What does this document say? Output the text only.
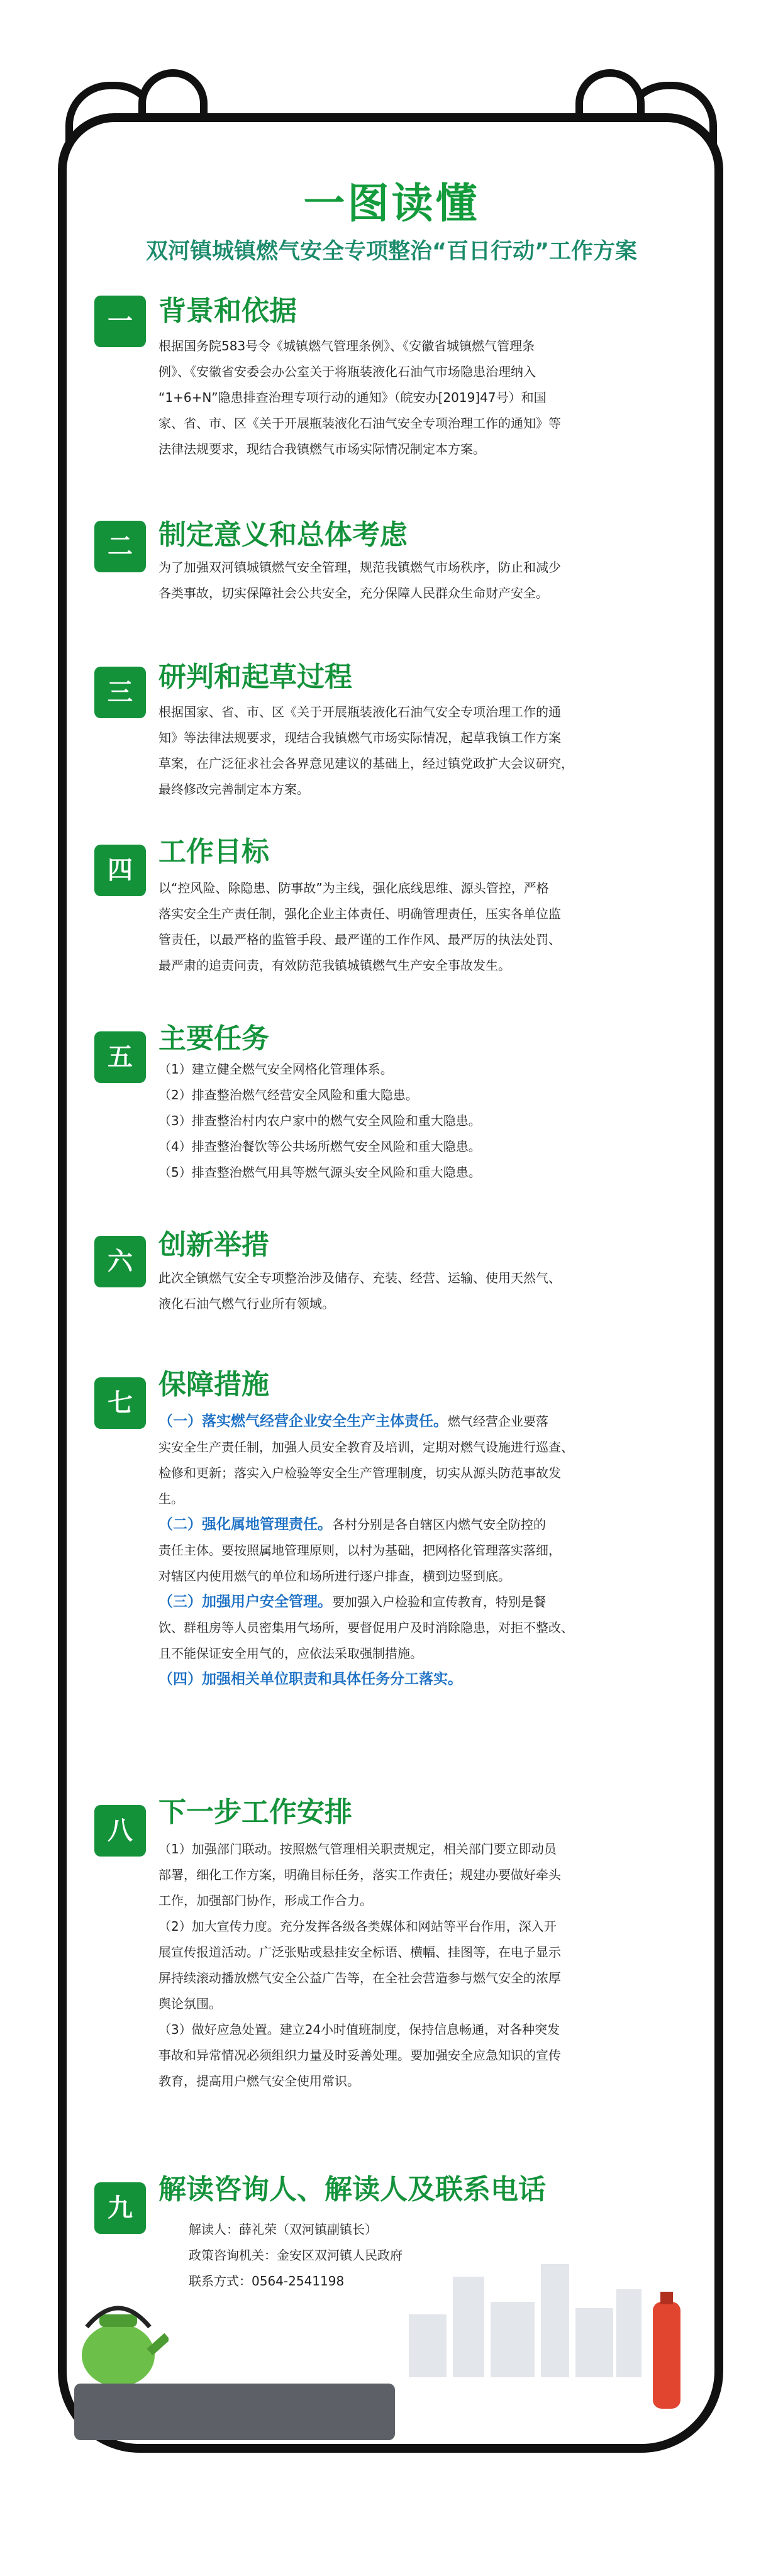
一图读懂
双河镇城镇燃气安全专项整治“百日行动”工作方案
一 背景和依据

根据国务院583号令《城镇燃气管理条例》、《安徽省城镇燃气管理条

例》、《安徽省安委会办公室关于将瓶装液化石油气市场隐患治理纳入

“1+6+N”隐患排查治理专项行动的通知》（皖安办[2019]47号）和国

家、省、市、区《关于开展瓶装液化石油气安全专项治理工作的通知》等

法律法规要求，现结合我镇燃气市场实际情况制定本方案。

二 制定意义和总体考虑

为了加强双河镇城镇燃气安全管理，规范我镇燃气市场秩序，防止和减少

各类事故，切实保障社会公共安全，充分保障人民群众生命财产安全。

三 研判和起草过程

根据国家、省、市、区《关于开展瓶装液化石油气安全专项治理工作的通

知》等法律法规要求，现结合我镇燃气市场实际情况，起草我镇工作方案

草案，在广泛征求社会各界意见建议的基础上，经过镇党政扩大会议研究，

最终修改完善制定本方案。

四
工作目标

以“控风险、除隐患、防事故”为主线，强化底线思维、源头管控，严格

落实安全生产责任制，强化企业主体责任、明确管理责任，压实各单位监

管责任，以最严格的监管手段、最严谨的工作作风、最严厉的执法处罚、

最严肃的追责问责，有效防范我镇城镇燃气生产安全事故发生。

五
主要任务

（1）建立健全燃气安全网格化管理体系。

（2）排查整治燃气经营安全风险和重大隐患。

（3）排查整治村内农户家中的燃气安全风险和重大隐患。

（4）排查整治餐饮等公共场所燃气安全风险和重大隐患。

（5）排查整治燃气用具等燃气源头安全风险和重大隐患。

六
创新举措

此次全镇燃气安全专项整治涉及储存、充装、经营、运输、使用天然气、

液化石油气燃气行业所有领域。

七
保障措施

（一）落实燃气经营企业安全生产主体责任。燃气经营企业要落

实安全生产责任制，加强人员安全教育及培训，定期对燃气设施进行巡查、

检修和更新；落实入户检验等安全生产管理制度，切实从源头防范事故发

生。

（二）强化属地管理责任。各村分别是各自辖区内燃气安全防控的

责任主体。要按照属地管理原则，以村为基础，把网格化管理落实落细，

对辖区内使用燃气的单位和场所进行逐户排查，横到边竖到底。

（三）加强用户安全管理。要加强入户检验和宣传教育，特别是餐

饮、群租房等人员密集用气场所，要督促用户及时消除隐患，对拒不整改、

且不能保证安全用气的，应依法采取强制措施。

（四）加强相关单位职责和具体任务分工落实。

八
下一步工作安排

（1）加强部门联动。按照燃气管理相关职责规定，相关部门要立即动员

部署，细化工作方案，明确目标任务，落实工作责任；规建办要做好牵头

工作，加强部门协作，形成工作合力。

（2）加大宣传力度。充分发挥各级各类媒体和网站等平台作用，深入开

展宣传报道活动。广泛张贴或悬挂安全标语、横幅、挂图等，在电子显示

屏持续滚动播放燃气安全公益广告等，在全社会营造参与燃气安全的浓厚

舆论氛围。

（3）做好应急处置。建立24小时值班制度，保持信息畅通，对各种突发

事故和异常情况必须组织力量及时妥善处理。要加强安全应急知识的宣传

教育，提高用户燃气安全使用常识。

九
解读咨询人、解读人及联系电话

解读人：薛礼荣（双河镇副镇长）

政策咨询机关：金安区双河镇人民政府

联系方式：0564-2541198
